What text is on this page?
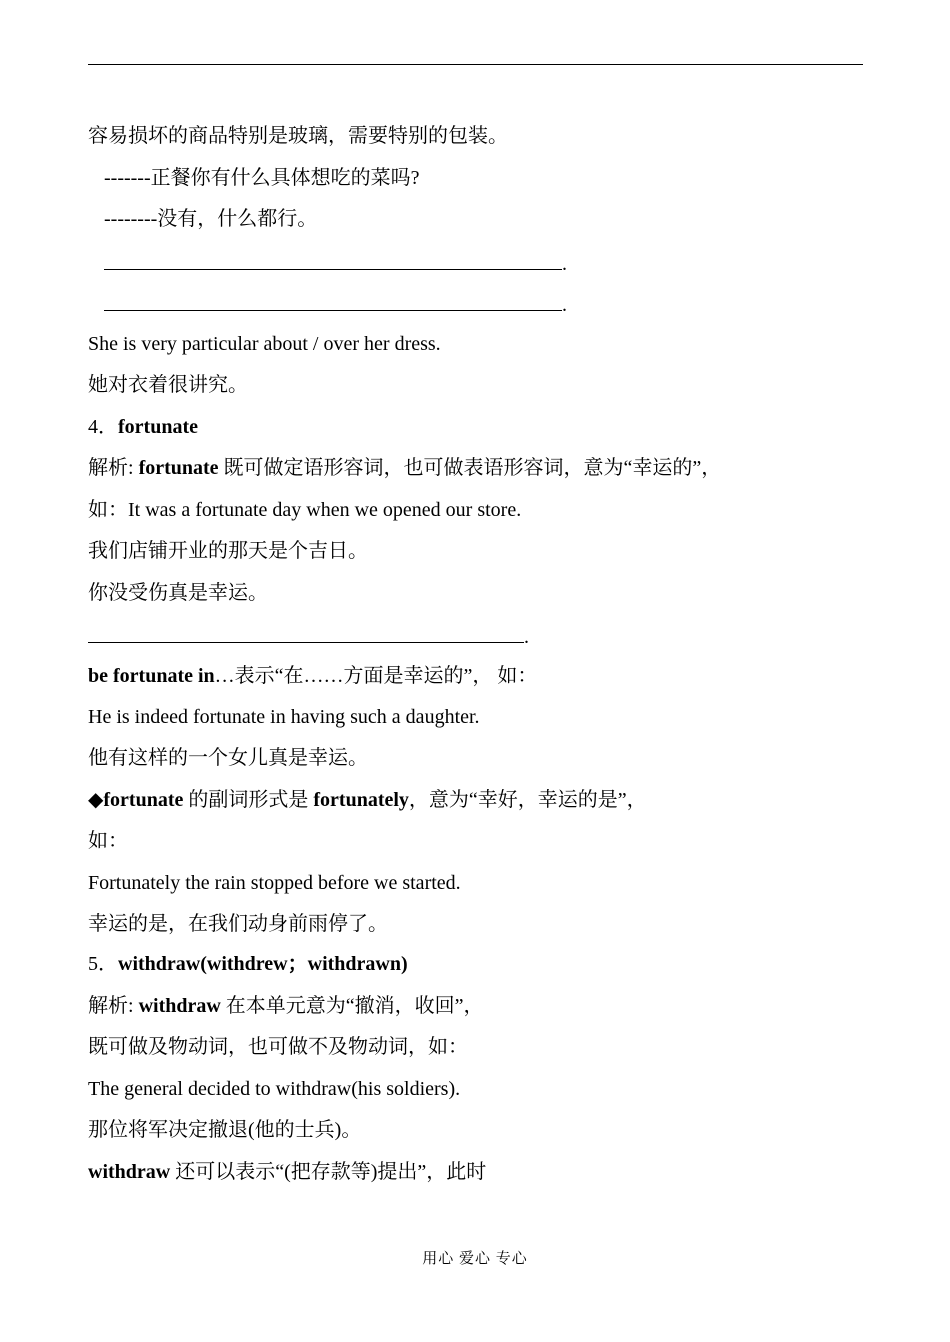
容易损坏的商品特别是玻璃，需要特别的包装。
-------正餐你有什么具体想吃的菜吗?
--------没有，什么都行。
.
.
She is very particular about / over her dress.
她对衣着很讲究。
4．fortunate
解析: fortunate 既可做定语形容词，也可做表语形容词，意为“幸运的”，
如：It was a fortunate day when we opened our store.
我们店铺开业的那天是个吉日。
你没受伤真是幸运。
.
be fortunate in…表示“在……方面是幸运的”， 如：
He is indeed fortunate in having such a daughter.
他有这样的一个女儿真是幸运。
◆fortunate 的副词形式是 fortunately，意为“幸好，幸运的是”，
如：
Fortunately the rain stopped before we started.
幸运的是，在我们动身前雨停了。
5．withdraw(withdrew；withdrawn)
解析: withdraw 在本单元意为“撤消，收回”，
既可做及物动词，也可做不及物动词，如：
The general decided to withdraw(his soldiers).
那位将军决定撤退(他的士兵)。
withdraw 还可以表示“(把存款等)提出”，此时
用心 爱心 专心
